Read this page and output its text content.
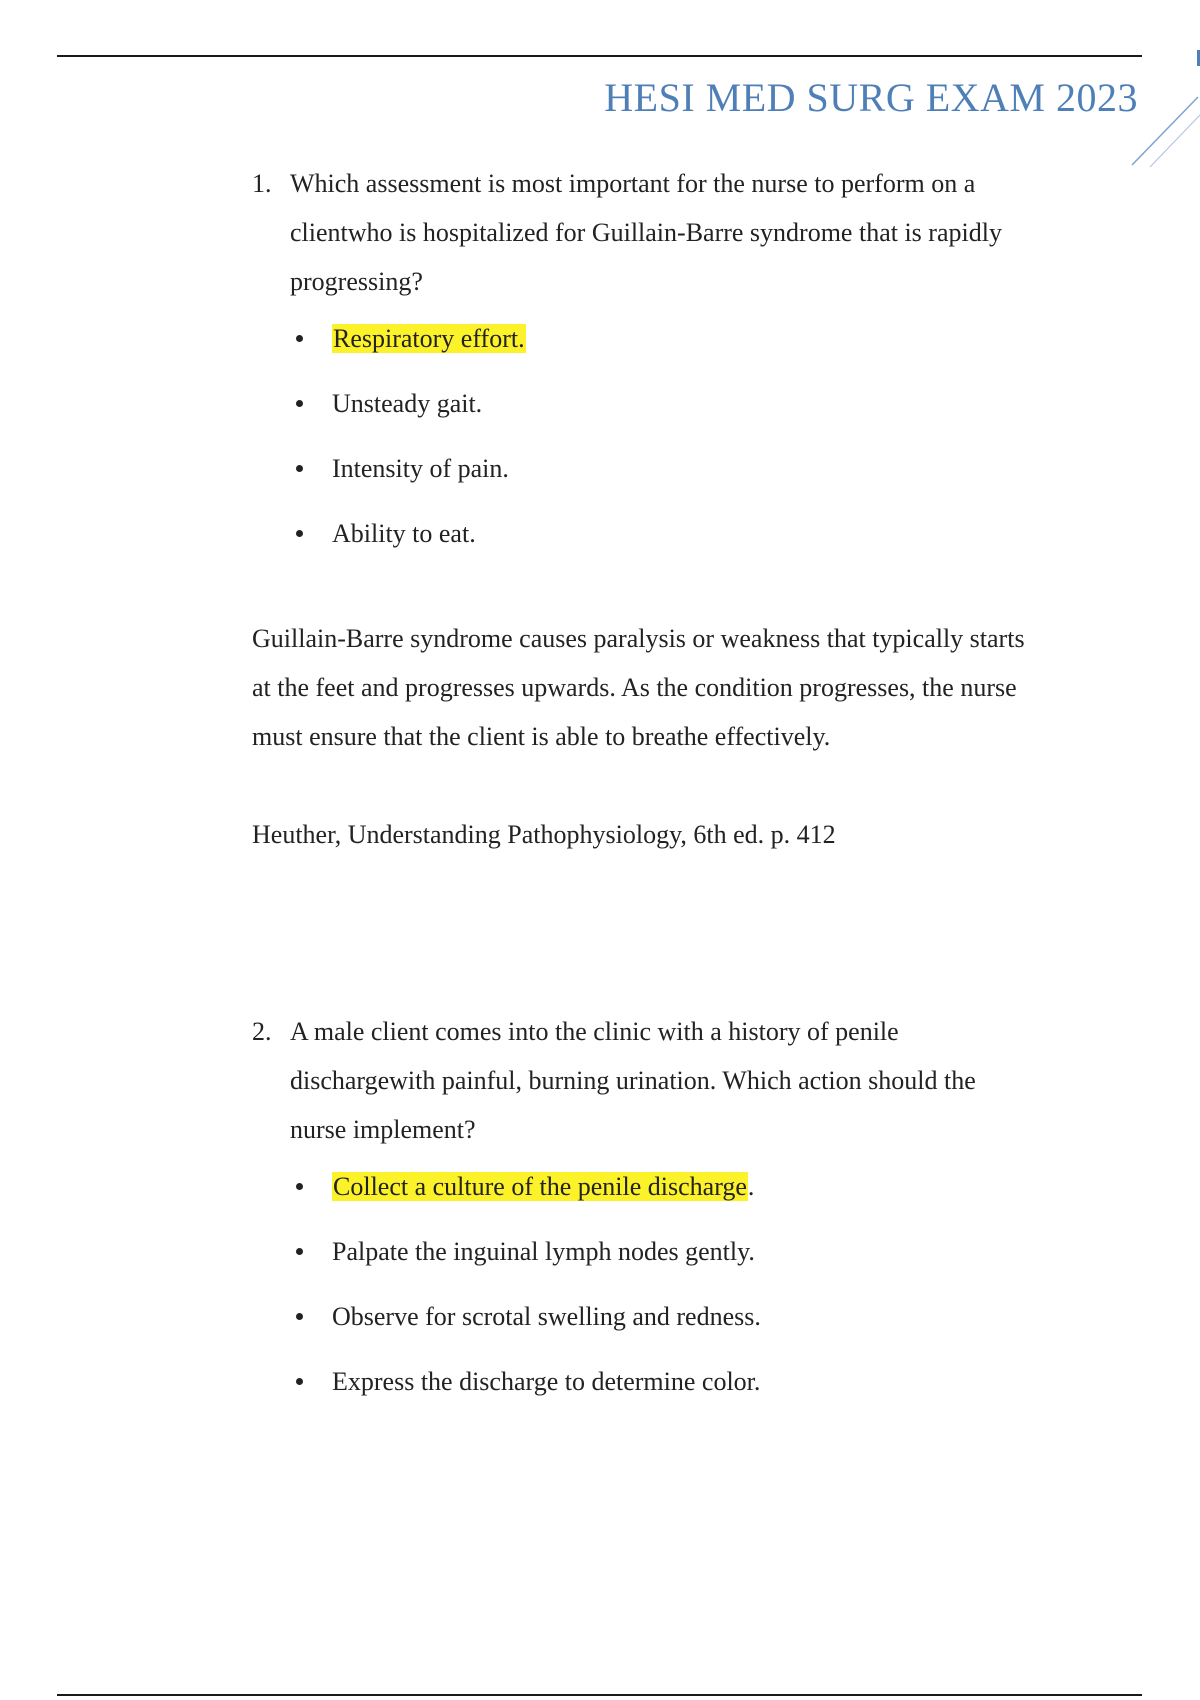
HESI MED SURG EXAM 2023
1. Which assessment is most important for the nurse to perform on a
clientwho is hospitalized for Guillain-Barre syndrome that is rapidly
progressing?
Respiratory effort.
Unsteady gait.
Intensity of pain.
Ability to eat.
Guillain-Barre syndrome causes paralysis or weakness that typically starts
at the feet and progresses upwards. As the condition progresses, the nurse
must ensure that the client is able to breathe effectively.
Heuther, Understanding Pathophysiology, 6th ed. p. 412
2. A male client comes into the clinic with a history of penile
dischargewith painful, burning urination. Which action should the
nurse implement?
Collect a culture of the penile discharge.
Palpate the inguinal lymph nodes gently.
Observe for scrotal swelling and redness.
Express the discharge to determine color.
